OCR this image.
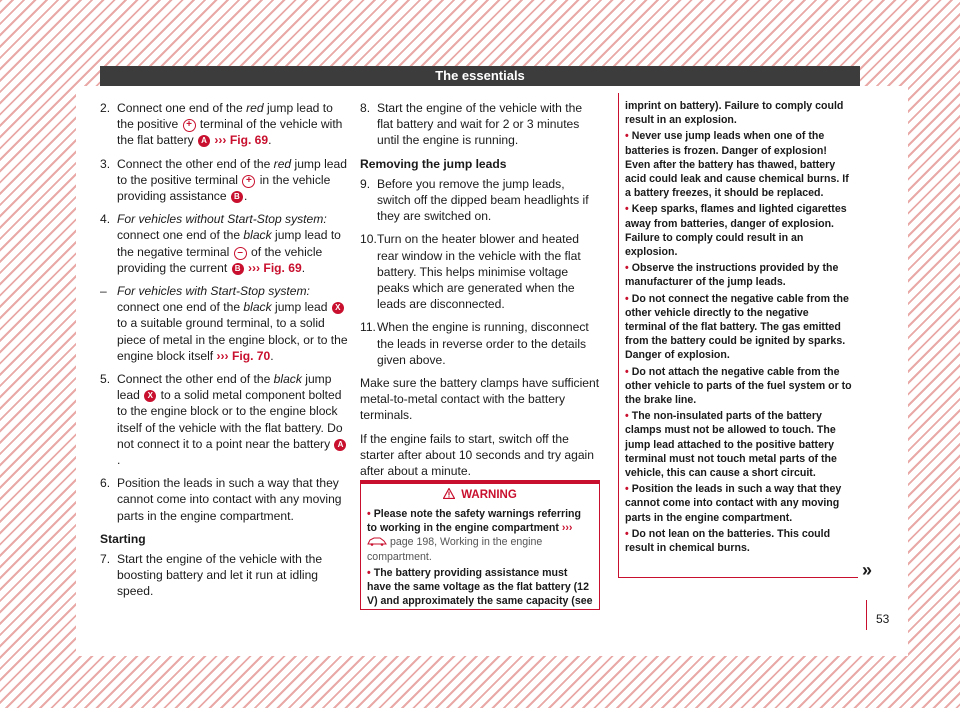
The essentials
2. Connect one end of the red jump lead to the positive + terminal of the vehicle with the flat battery A ››› Fig. 69.
3. Connect the other end of the red jump lead to the positive terminal + in the vehicle providing assistance B .
4. For vehicles without Start-Stop system: connect one end of the black jump lead to the negative terminal – of the vehicle providing the current B ››› Fig. 69.
– For vehicles with Start-Stop system: connect one end of the black jump lead X to a suitable ground terminal, to a solid piece of metal in the engine block, or to the engine block itself ››› Fig. 70.
5. Connect the other end of the black jump lead X to a solid metal component bolted to the engine block or to the engine block itself of the vehicle with the flat battery. Do not connect it to a point near the battery A.
6. Position the leads in such a way that they cannot come into contact with any moving parts in the engine compartment.
Starting
7. Start the engine of the vehicle with the boosting battery and let it run at idling speed.
8. Start the engine of the vehicle with the flat battery and wait for 2 or 3 minutes until the engine is running.
Removing the jump leads
9. Before you remove the jump leads, switch off the dipped beam headlights if they are switched on.
10. Turn on the heater blower and heated rear window in the vehicle with the flat battery. This helps minimise voltage peaks which are generated when the leads are disconnected.
11. When the engine is running, disconnect the leads in reverse order to the details given above.

Make sure the battery clamps have sufficient metal-to-metal contact with the battery terminals.

If the engine fails to start, switch off the starter after about 10 seconds and try again after about a minute.

WARNING
• Please note the safety warnings referring to working in the engine compartment ›››  page 198, Working in the engine compartment.
• The battery providing assistance must have the same voltage as the flat battery (12 V) and approximately the same capacity (see
imprint on battery). Failure to comply could result in an explosion.
• Never use jump leads when one of the batteries is frozen. Danger of explosion! Even after the battery has thawed, battery acid could leak and cause chemical burns. If a battery freezes, it should be replaced.
• Keep sparks, flames and lighted cigarettes away from batteries, danger of explosion. Failure to comply could result in an explosion.
• Observe the instructions provided by the manufacturer of the jump leads.
• Do not connect the negative cable from the other vehicle directly to the negative terminal of the flat battery. The gas emitted from the battery could be ignited by sparks. Danger of explosion.
• Do not attach the negative cable from the other vehicle to parts of the fuel system or to the brake line.
• The non-insulated parts of the battery clamps must not be allowed to touch. The jump lead attached to the positive battery terminal must not touch metal parts of the vehicle, this can cause a short circuit.
• Position the leads in such a way that they cannot come into contact with any moving parts in the engine compartment.
• Do not lean on the batteries. This could result in chemical burns.
»
53
